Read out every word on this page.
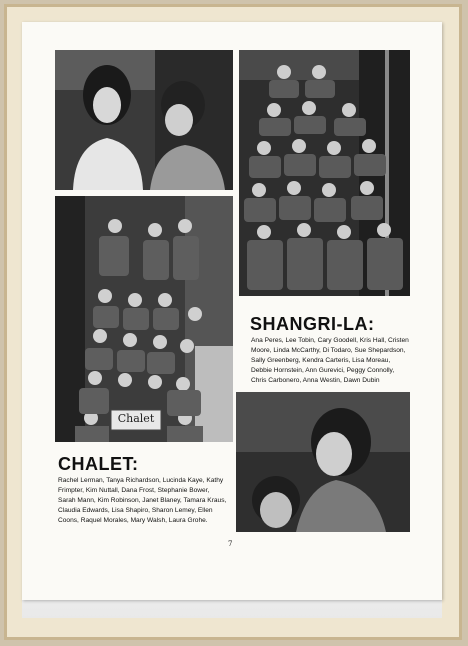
Chalet
SHANGRI-LA:
Ana Peres, Lee Tobin, Cary Goodell, Kris Hall, Cristen Moore, Linda McCarthy, Di Todaro, Sue Shepardson, Sally Greenberg, Kendra Carteris, Lisa Moreau, Debbie Hornstein, Ann Gurevici, Peggy Connolly, Chris Carbonero, Anna Westin, Dawn Dubin
CHALET:
Rachel Lerman, Tanya Richardson, Lucinda Kaye, Kathy Frimpter, Kim Nuttall, Dana Frost, Stephanie Bower, Sarah Mann, Kim Robinson, Janet Blaney, Tamara Kraus, Claudia Edwards, Lisa Shapiro, Sharon Lemey, Ellen Coons, Raquel Morales, Mary Walsh, Laura Grohe.
7
